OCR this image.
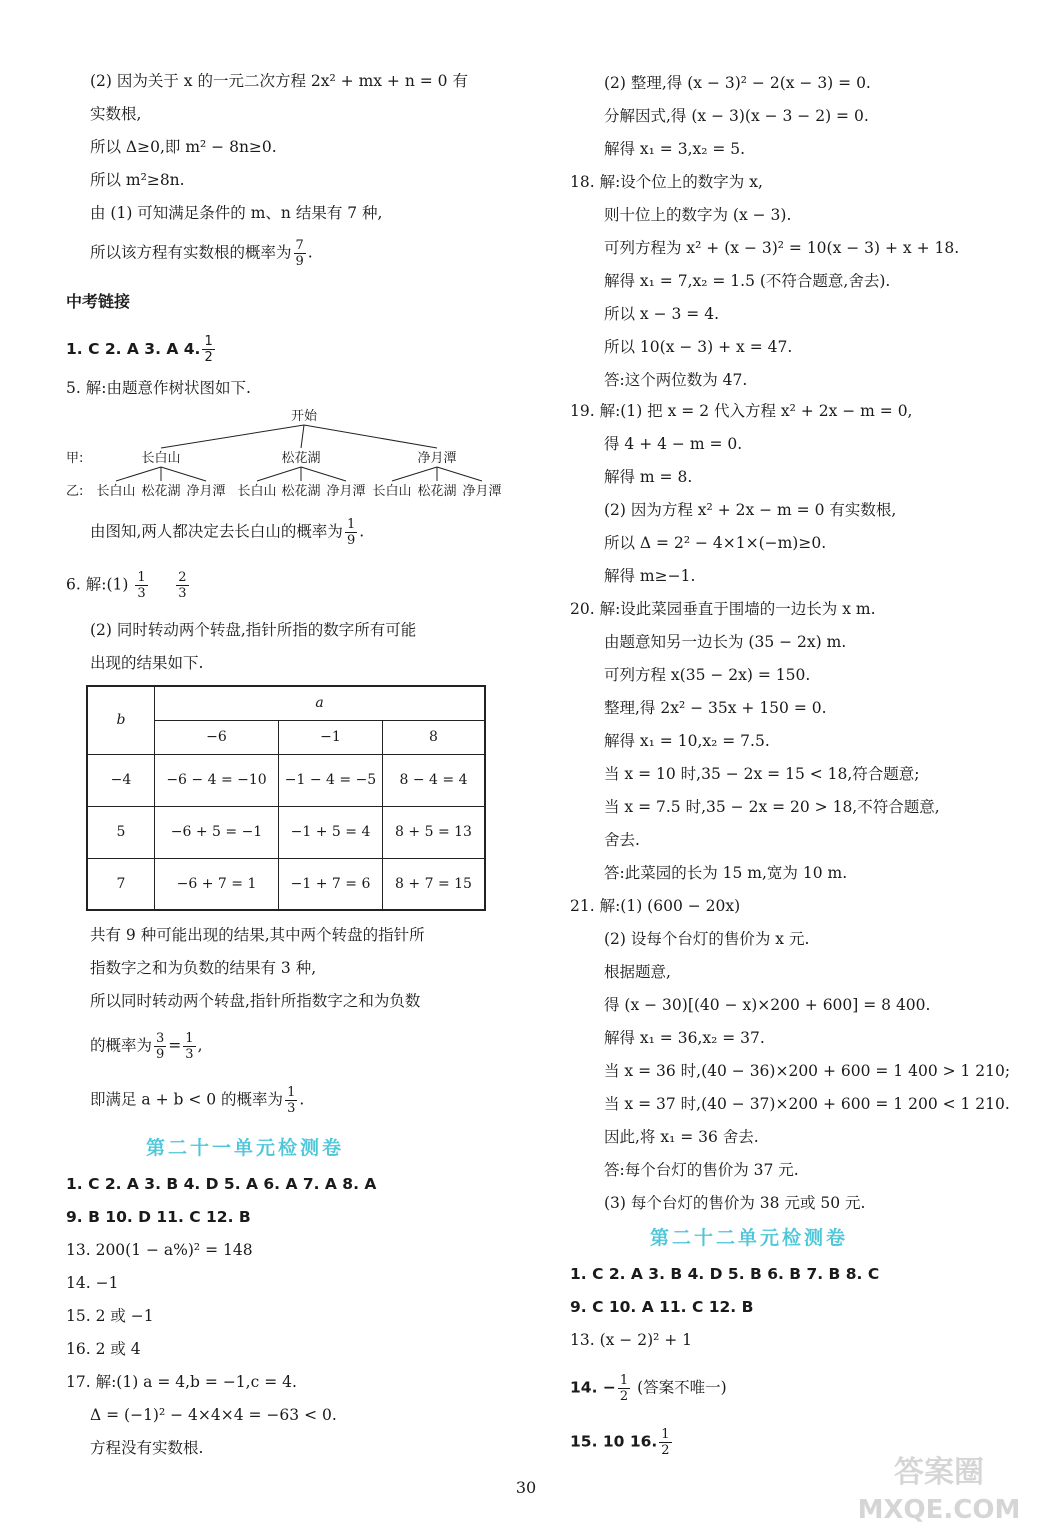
(2) 因为关于 x 的一元二次方程 2x² + mx + n = 0 有
实数根,
所以 Δ≥0,即 m² − 8n≥0.
所以 m²≥8n.
由 (1) 可知满足条件的 m、n 结果有 7 种,
所以该方程有实数根的概率为 $\frac{7}{9}$ .
中考链接
1. C 2. A 3. A 4. $\frac{1}{2}$
5. 解:由题意作树状图如下.
开始
甲:	长白山	松花湖	净月潭
乙: 长白山 松花湖 净月潭 长白山 松花湖 净月潭 长白山 松花湖 净月潭
由图知,两人都决定去长白山的概率为 $\frac{1}{9}$ .
6. 解:(1) $\frac{1}{3}$
$\frac{2}{3}$
(2) 同时转动两个转盘,指针所指的数字所有可能
出现的结果如下.
b	a		
	−6	−1	8
−4	−6 − 4 = −10	−1 − 4 = −5	8 − 4 = 4
5	−6 + 5 = −1	−1 + 5 = 4	8 + 5 = 13
7	−6 + 7 = 1	−1 + 7 = 6	8 + 7 = 15
共有 9 种可能出现的结果,其中两个转盘的指针所
指数字之和为负数的结果有 3 种,
所以同时转动两个转盘,指针所指数字之和为负数
的概率为 $\frac{3}{9} = \frac{1}{3}$ ,
即满足 a + b < 0 的概率为 $\frac{1}{3}$ .
第二十一单元检测卷
1. C 2. A 3. B 4. D 5. A 6. A 7. A 8. A
9. B 10. D 11. C 12. B
13. 200(1 − a%)² = 148
14. −1
15. 2 或 −1
16. 2 或 4
17. 解:(1) a = 4,b = −1,c = 4.
Δ = (−1)² − 4×4×4 = −63 < 0.
方程没有实数根.
(2) 整理,得 (x − 3)² − 2(x − 3) = 0.
分解因式,得 (x − 3)(x − 3 − 2) = 0.
解得 x₁ = 3,x₂ = 5.
18. 解:设个位上的数字为 x,
则十位上的数字为 (x − 3).
可列方程为 x² + (x − 3)² = 10(x − 3) + x + 18.
解得 x₁ = 7,x₂ = 1.5 (不符合题意,舍去).
所以 x − 3 = 4.
所以 10(x − 3) + x = 47.
答:这个两位数为 47.
19. 解:(1) 把 x = 2 代入方程 x² + 2x − m = 0,
得 4 + 4 − m = 0.
解得 m = 8.
(2) 因为方程 x² + 2x − m = 0 有实数根,
所以 Δ = 2² − 4×1×(−m)≥0.
解得 m≥−1.
20. 解:设此菜园垂直于围墙的一边长为 x m.
由题意知另一边长为 (35 − 2x) m.
可列方程 x(35 − 2x) = 150.
整理,得 2x² − 35x + 150 = 0.
解得 x₁ = 10,x₂ = 7.5.
当 x = 10 时,35 − 2x = 15 < 18,符合题意;
当 x = 7.5 时,35 − 2x = 20 > 18,不符合题意,
舍去.
答:此菜园的长为 15 m,宽为 10 m.
21. 解:(1) (600 − 20x)
(2) 设每个台灯的售价为 x 元.
根据题意,
得 (x − 30)[(40 − x)×200 + 600] = 8 400.
解得 x₁ = 36,x₂ = 37.
当 x = 36 时,(40 − 36)×200 + 600 = 1 400 > 1 210;
当 x = 37 时,(40 − 37)×200 + 600 = 1 200 < 1 210.
因此,将 x₁ = 36 舍去.
答:每个台灯的售价为 37 元.
(3) 每个台灯的售价为 38 元或 50 元.
第二十二单元检测卷
1. C 2. A 3. B 4. D 5. B 6. B 7. B 8. C
9. C 10. A 11. C 12. B
13. (x − 2)² + 1
14. − $\frac{1}{2}$ (答案不唯一)
15. 10 16. $\frac{1}{2}$
30	答案圈 MXQE.COM
